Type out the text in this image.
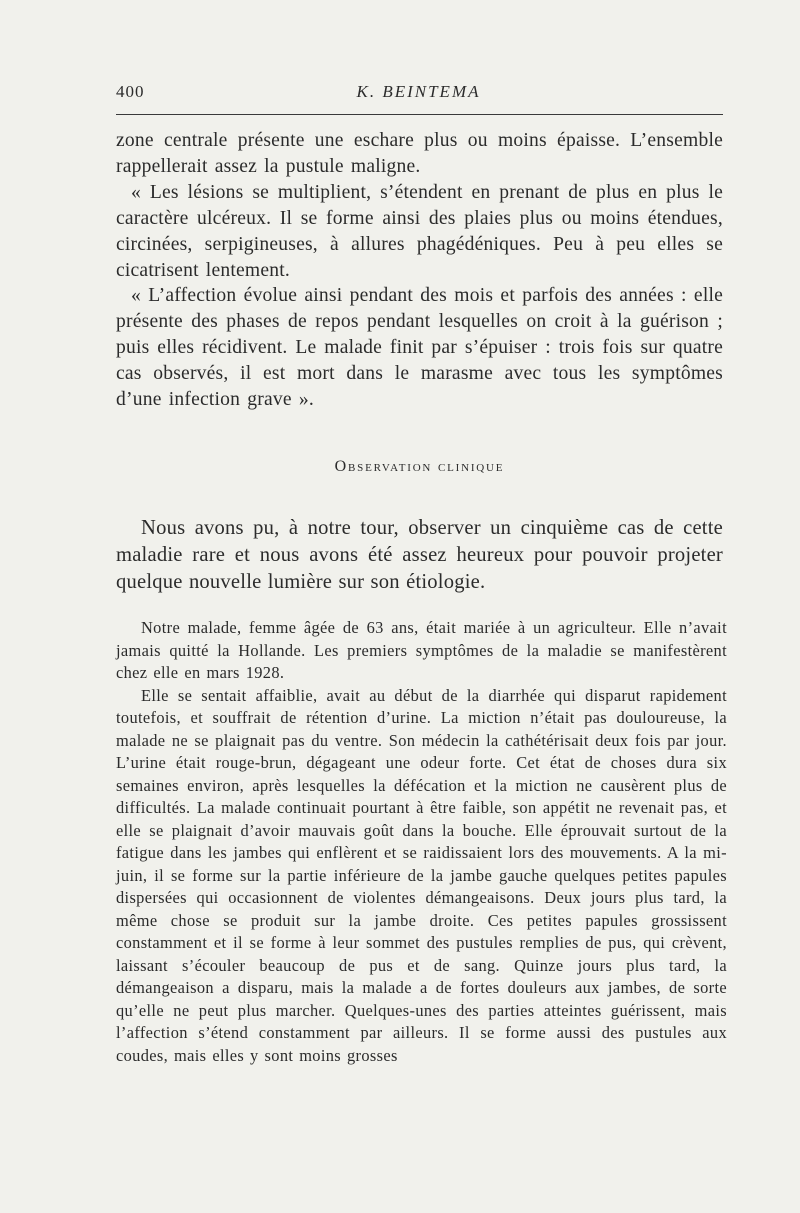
400	K. BEINTEMA

zone centrale présente une eschare plus ou moins épaisse. L’ensemble rappellerait assez la pustule maligne.

« Les lésions se multiplient, s’étendent en prenant de plus en plus le caractère ulcéreux. Il se forme ainsi des plaies plus ou moins étendues, circinées, serpigineuses, à allures phagédéniques. Peu à peu elles se cicatrisent lentement.

« L’affection évolue ainsi pendant des mois et parfois des années : elle présente des phases de repos pendant lesquelles on croit à la guérison ; puis elles récidivent. Le malade finit par s’épuiser : trois fois sur quatre cas observés, il est mort dans le marasme avec tous les symptômes d’une infection grave ».

Observation clinique

Nous avons pu, à notre tour, observer un cinquième cas de cette maladie rare et nous avons été assez heureux pour pouvoir projeter quelque nouvelle lumière sur son étiologie.

Notre malade, femme âgée de 63 ans, était mariée à un agriculteur. Elle n’avait jamais quitté la Hollande. Les premiers symptômes de la maladie se manifestèrent chez elle en mars 1928.

Elle se sentait affaiblie, avait au début de la diarrhée qui disparut rapidement toutefois, et souffrait de rétention d’urine. La miction n’était pas douloureuse, la malade ne se plaignait pas du ventre. Son médecin la cathétérisait deux fois par jour. L’urine était rouge-brun, dégageant une odeur forte. Cet état de choses dura six semaines environ, après lesquelles la défécation et la miction ne causèrent plus de difficultés. La malade continuait pourtant à être faible, son appétit ne revenait pas, et elle se plaignait d’avoir mauvais goût dans la bouche. Elle éprouvait surtout de la fatigue dans les jambes qui enflèrent et se raidissaient lors des mouvements. A la mi-juin, il se forme sur la partie inférieure de la jambe gauche quelques petites papules dispersées qui occasionnent de violentes démangeaisons. Deux jours plus tard, la même chose se produit sur la jambe droite. Ces petites papules grossissent constamment et il se forme à leur sommet des pustules remplies de pus, qui crèvent, laissant s’écouler beaucoup de pus et de sang. Quinze jours plus tard, la démangeaison a disparu, mais la malade a de fortes douleurs aux jambes, de sorte qu’elle ne peut plus marcher. Quelques-unes des parties atteintes guérissent, mais l’affection s’étend constamment par ailleurs. Il se forme aussi des pustules aux coudes, mais elles y sont moins grosses
